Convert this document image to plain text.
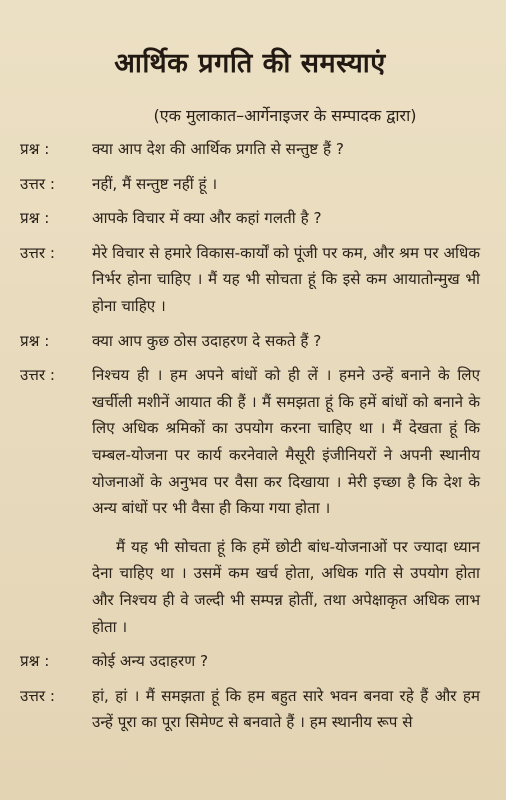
आर्थिक प्रगति की समस्याएं
(एक मुलाकात–आर्गेनाइजर के सम्पादक द्वारा)
प्रश्न :	क्या आप देश की आर्थिक प्रगति से सन्तुष्ट हैं ?
उत्तर : नहीं, मैं सन्तुष्ट नहीं हूं ।
प्रश्न :	आपके विचार में क्या और कहां गलती है ?
उत्तर : मेरे विचार से हमारे विकास-कार्यों को पूंजी पर कम, और श्रम पर अधिक निर्भर होना चाहिए । मैं यह भी सोचता हूं कि इसे कम आयातोन्मुख भी होना चाहिए ।
प्रश्न :	क्या आप कुछ ठोस उदाहरण दे सकते हैं ?
उत्तर : निश्चय ही । हम अपने बांधों को ही लें । हमने उन्हें बनाने के लिए खर्चीली मशीनें आयात की हैं । मैं समझता हूं कि हमें बांधों को बनाने के लिए अधिक श्रमिकों का उपयोग करना चाहिए था । मैं देखता हूं कि चम्बल-योजना पर कार्य करनेवाले मैसूरी इंजीनियरों ने अपनी स्थानीय योजनाओं के अनुभव पर वैसा कर दिखाया । मेरी इच्छा है कि देश के अन्य बांधों पर भी वैसा ही किया गया होता ।

मैं यह भी सोचता हूं कि हमें छोटी बांध-योजनाओं पर ज्यादा ध्यान देना चाहिए था । उसमें कम खर्च होता, अधिक गति से उपयोग होता और निश्चय ही वे जल्दी भी सम्पन्न होतीं, तथा अपेक्षाकृत अधिक लाभ होता ।

प्रश्न :	कोई अन्य उदाहरण ?
उत्तर : हां, हां । मैं समझता हूं कि हम बहुत सारे भवन बनवा रहे हैं और हम उन्हें पूरा का पूरा सिमेण्ट से बनवाते हैं । हम स्थानीय रूप से
